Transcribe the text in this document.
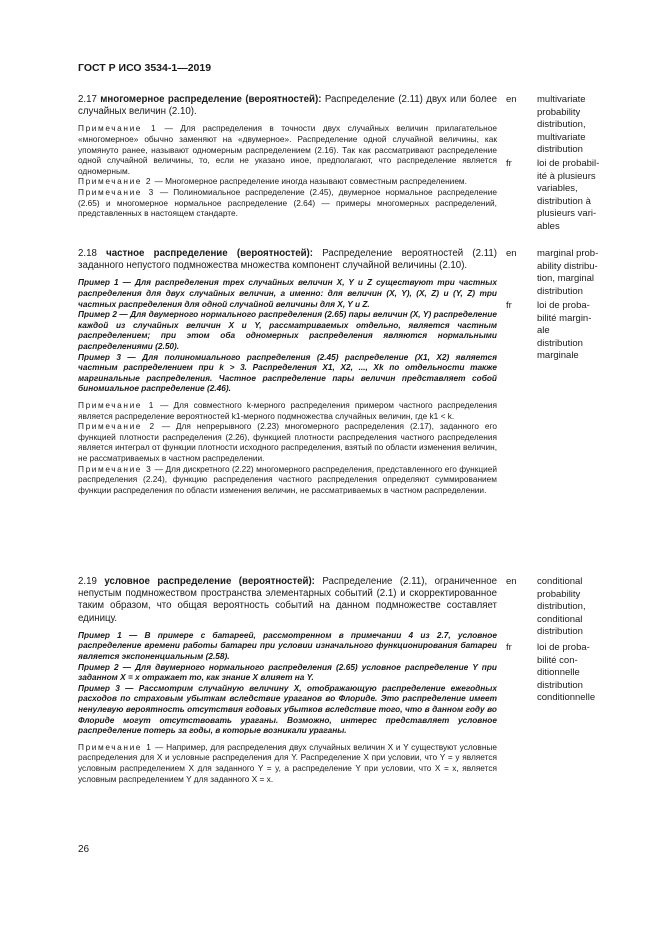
ГОСТ Р ИСО 3534-1—2019

2.17 многомерное распределение (вероятностей): Распределение (2.11) двух или более случайных величин (2.10).

Примечание 1 — Для распределения в точности двух случайных величин прилагательное «многомерное» обычно заменяют на «двумерное». Распределение одной случайной величины, как упомянуто ранее, называют одномерным распределением (2.16). Так как рассматривают распределение одной случайной величины, то, если не указано иное, предполагают, что распределение является одномерным.

Примечание 2 — Многомерное распределение иногда называют совместным распределением.

Примечание 3 — Полиномиальное распределение (2.45), двумерное нормальное распределение (2.65) и многомерное нормальное распределение (2.64) — примеры многомерных распределений, представленных в настоящем стандарте.

en multivariate
probability
distribution,
multivariate
distribution
fr	loi de probabil-
ité à plusieurs
variables,
distribution à
plusieurs vari-
ables

2.18 частное распределение (вероятностей): Распределение вероятностей (2.11) заданного непустого подмножества множества компонент случайной величины (2.10).

Пример 1 — Для распределения трех случайных величин X, Y и Z существуют три частных распределения для двух случайных величин, а именно: для величин (X, Y), (X, Z) и (Y, Z) три частных распределения для одной случайной величины для X, Y и Z.

Пример 2 — Для двумерного нормального распределения (2.65) пары величин (X, Y) распределение каждой из случайных величин X и Y, рассматриваемых отдельно, является частным распределением; при этом оба одномерных распределения являются нормальными распределениями (2.50).

Пример 3 — Для полиномиального распределения (2.45) распределение (X1, X2) является частным распределением при k > 3. Распределения X1, X2, ..., Xk по отдельности также маргинальные распределения. Частное распределение пары величин представляет собой биномиальное распределение (2.46).

Примечание 1 — Для совместного k-мерного распределения примером частного распределения является распределение вероятностей k1-мерного подмножества случайных величин, где k1 < k.

Примечание 2 — Для непрерывного (2.23) многомерного распределения (2.17), заданного его функцией плотности распределения (2.26), функцией плотности распределения частного распределения является интеграл от функции плотности исходного распределения, взятый по области изменения величин, не рассматриваемых в частном распределении.

Примечание 3 — Для дискретного (2.22) многомерного распределения, представленного его функцией распределения (2.24), функцию распределения частного распределения определяют суммированием функции распределения по области изменения величин, не рассматриваемых в частном распределении.

en marginal prob-
ability distribu-
tion, marginal
distribution
fr	loi de proba-
bilité margin-
ale
distribution
marginale

2.19 условное распределение (вероятностей): Распределение (2.11), ограниченное непустым подмножеством пространства элементарных событий (2.1) и скорректированное таким образом, что общая вероятность событий на данном подмножестве составляет единицу.

Пример 1 — В примере с батареей, рассмотренном в примечании 4 из 2.7, условное распределение времени работы батареи при условии изначального функционирования батареи является экспоненциальным (2.58).

Пример 2 — Для двумерного нормального распределения (2.65) условное распределение Y при заданном X = x отражает то, как знание X влияет на Y.

Пример 3 — Рассмотрим случайную величину X, отображающую распределение ежегодных расходов по страховым убыткам вследствие ураганов во Флориде. Это распределение имеет ненулевую вероятность отсутствия годовых убытков вследствие того, что в данном году во Флориде могут отсутствовать ураганы. Возможно, интерес представляет условное распределение потерь за годы, в которые возникали ураганы.

Примечание 1 — Например, для распределения двух случайных величин X и Y существуют условные распределения для X и условные распределения для Y. Распределение X при условии, что Y = y является условным распределением X для заданного Y = y, а распределение Y при условии, что X = x, является условным распределением Y для заданного X = x.

en conditional
probability
distribution,
conditional
distribution
fr	loi de proba-
bilité con-
ditionnelle
distribution
conditionnelle
26
